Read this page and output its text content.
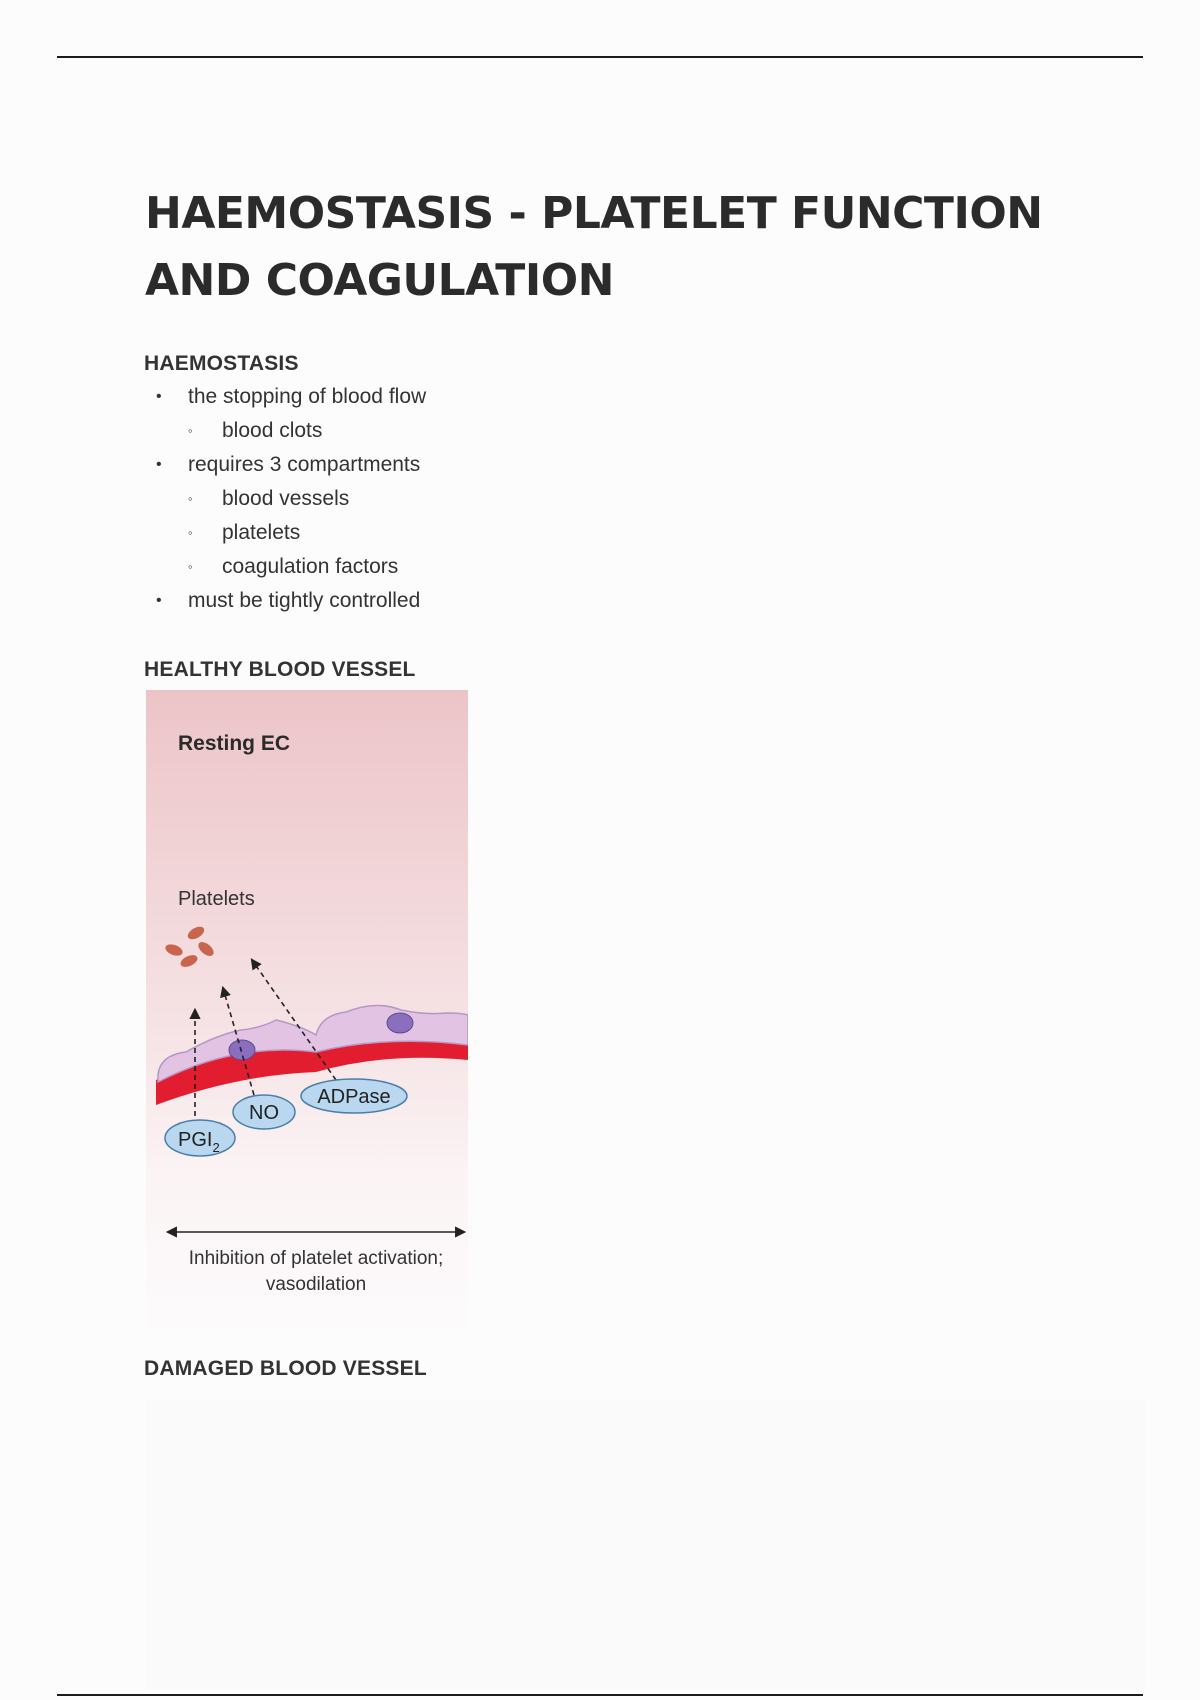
HAEMOSTASIS - PLATELET FUNCTION AND COAGULATION
HAEMOSTASIS
• the stopping of blood flow
◦ blood clots
• requires 3 compartments
◦ blood vessels
◦ platelets
◦ coagulation factors
• must be tightly controlled
HEALTHY BLOOD VESSEL
Resting EC
Platelets
$PGI_2$
NO
ADPase
Inhibition of platelet activation;
vasodilation
DAMAGED BLOOD VESSEL
